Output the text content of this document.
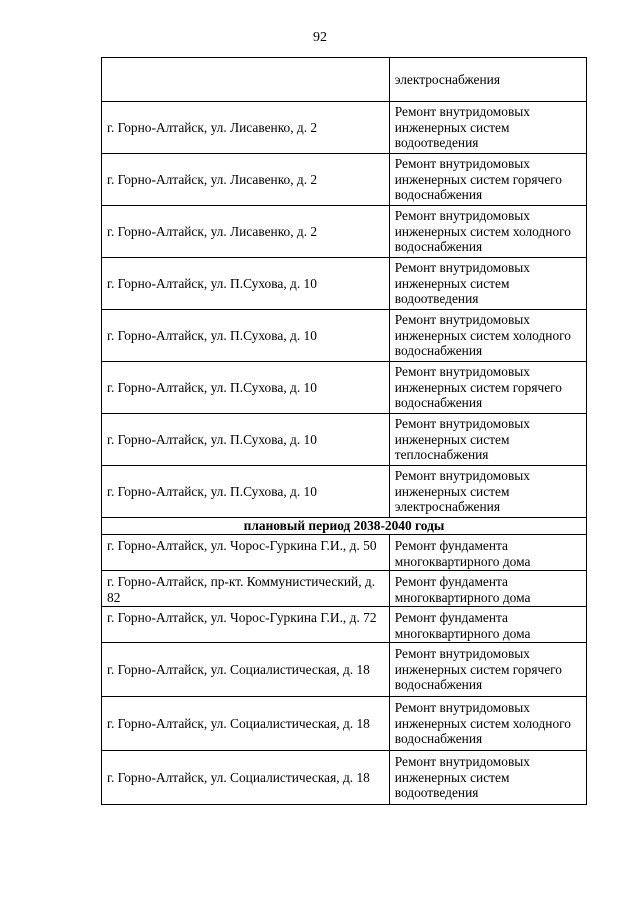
92
	электроснабжения
г. Горно-Алтайск, ул. Лисавенко, д. 2	Ремонт внутридомовых инженерных систем водоотведения
г. Горно-Алтайск, ул. Лисавенко, д. 2	Ремонт внутридомовых инженерных систем горячего водоснабжения
г. Горно-Алтайск, ул. Лисавенко, д. 2	Ремонт внутридомовых инженерных систем холодного водоснабжения
г. Горно-Алтайск, ул. П.Сухова, д. 10	Ремонт внутридомовых инженерных систем водоотведения
г. Горно-Алтайск, ул. П.Сухова, д. 10	Ремонт внутридомовых инженерных систем холодного водоснабжения
г. Горно-Алтайск, ул. П.Сухова, д. 10	Ремонт внутридомовых инженерных систем горячего водоснабжения
г. Горно-Алтайск, ул. П.Сухова, д. 10	Ремонт внутридомовых инженерных систем теплоснабжения
г. Горно-Алтайск, ул. П.Сухова, д. 10	Ремонт внутридомовых инженерных систем электроснабжения
плановый период 2038-2040 годы	
г. Горно-Алтайск, ул. Чорос-Гуркина Г.И., д. 50	Ремонт фундамента многоквартирного дома
г. Горно-Алтайск, пр-кт. Коммунистический, д. 82	Ремонт фундамента многоквартирного дома
г. Горно-Алтайск, ул. Чорос-Гуркина Г.И., д. 72	Ремонт фундамента многоквартирного дома
г. Горно-Алтайск, ул. Социалистическая, д. 18	Ремонт внутридомовых инженерных систем горячего водоснабжения
г. Горно-Алтайск, ул. Социалистическая, д. 18	Ремонт внутридомовых инженерных систем холодного водоснабжения
г. Горно-Алтайск, ул. Социалистическая, д. 18	Ремонт внутридомовых инженерных систем водоотведения
